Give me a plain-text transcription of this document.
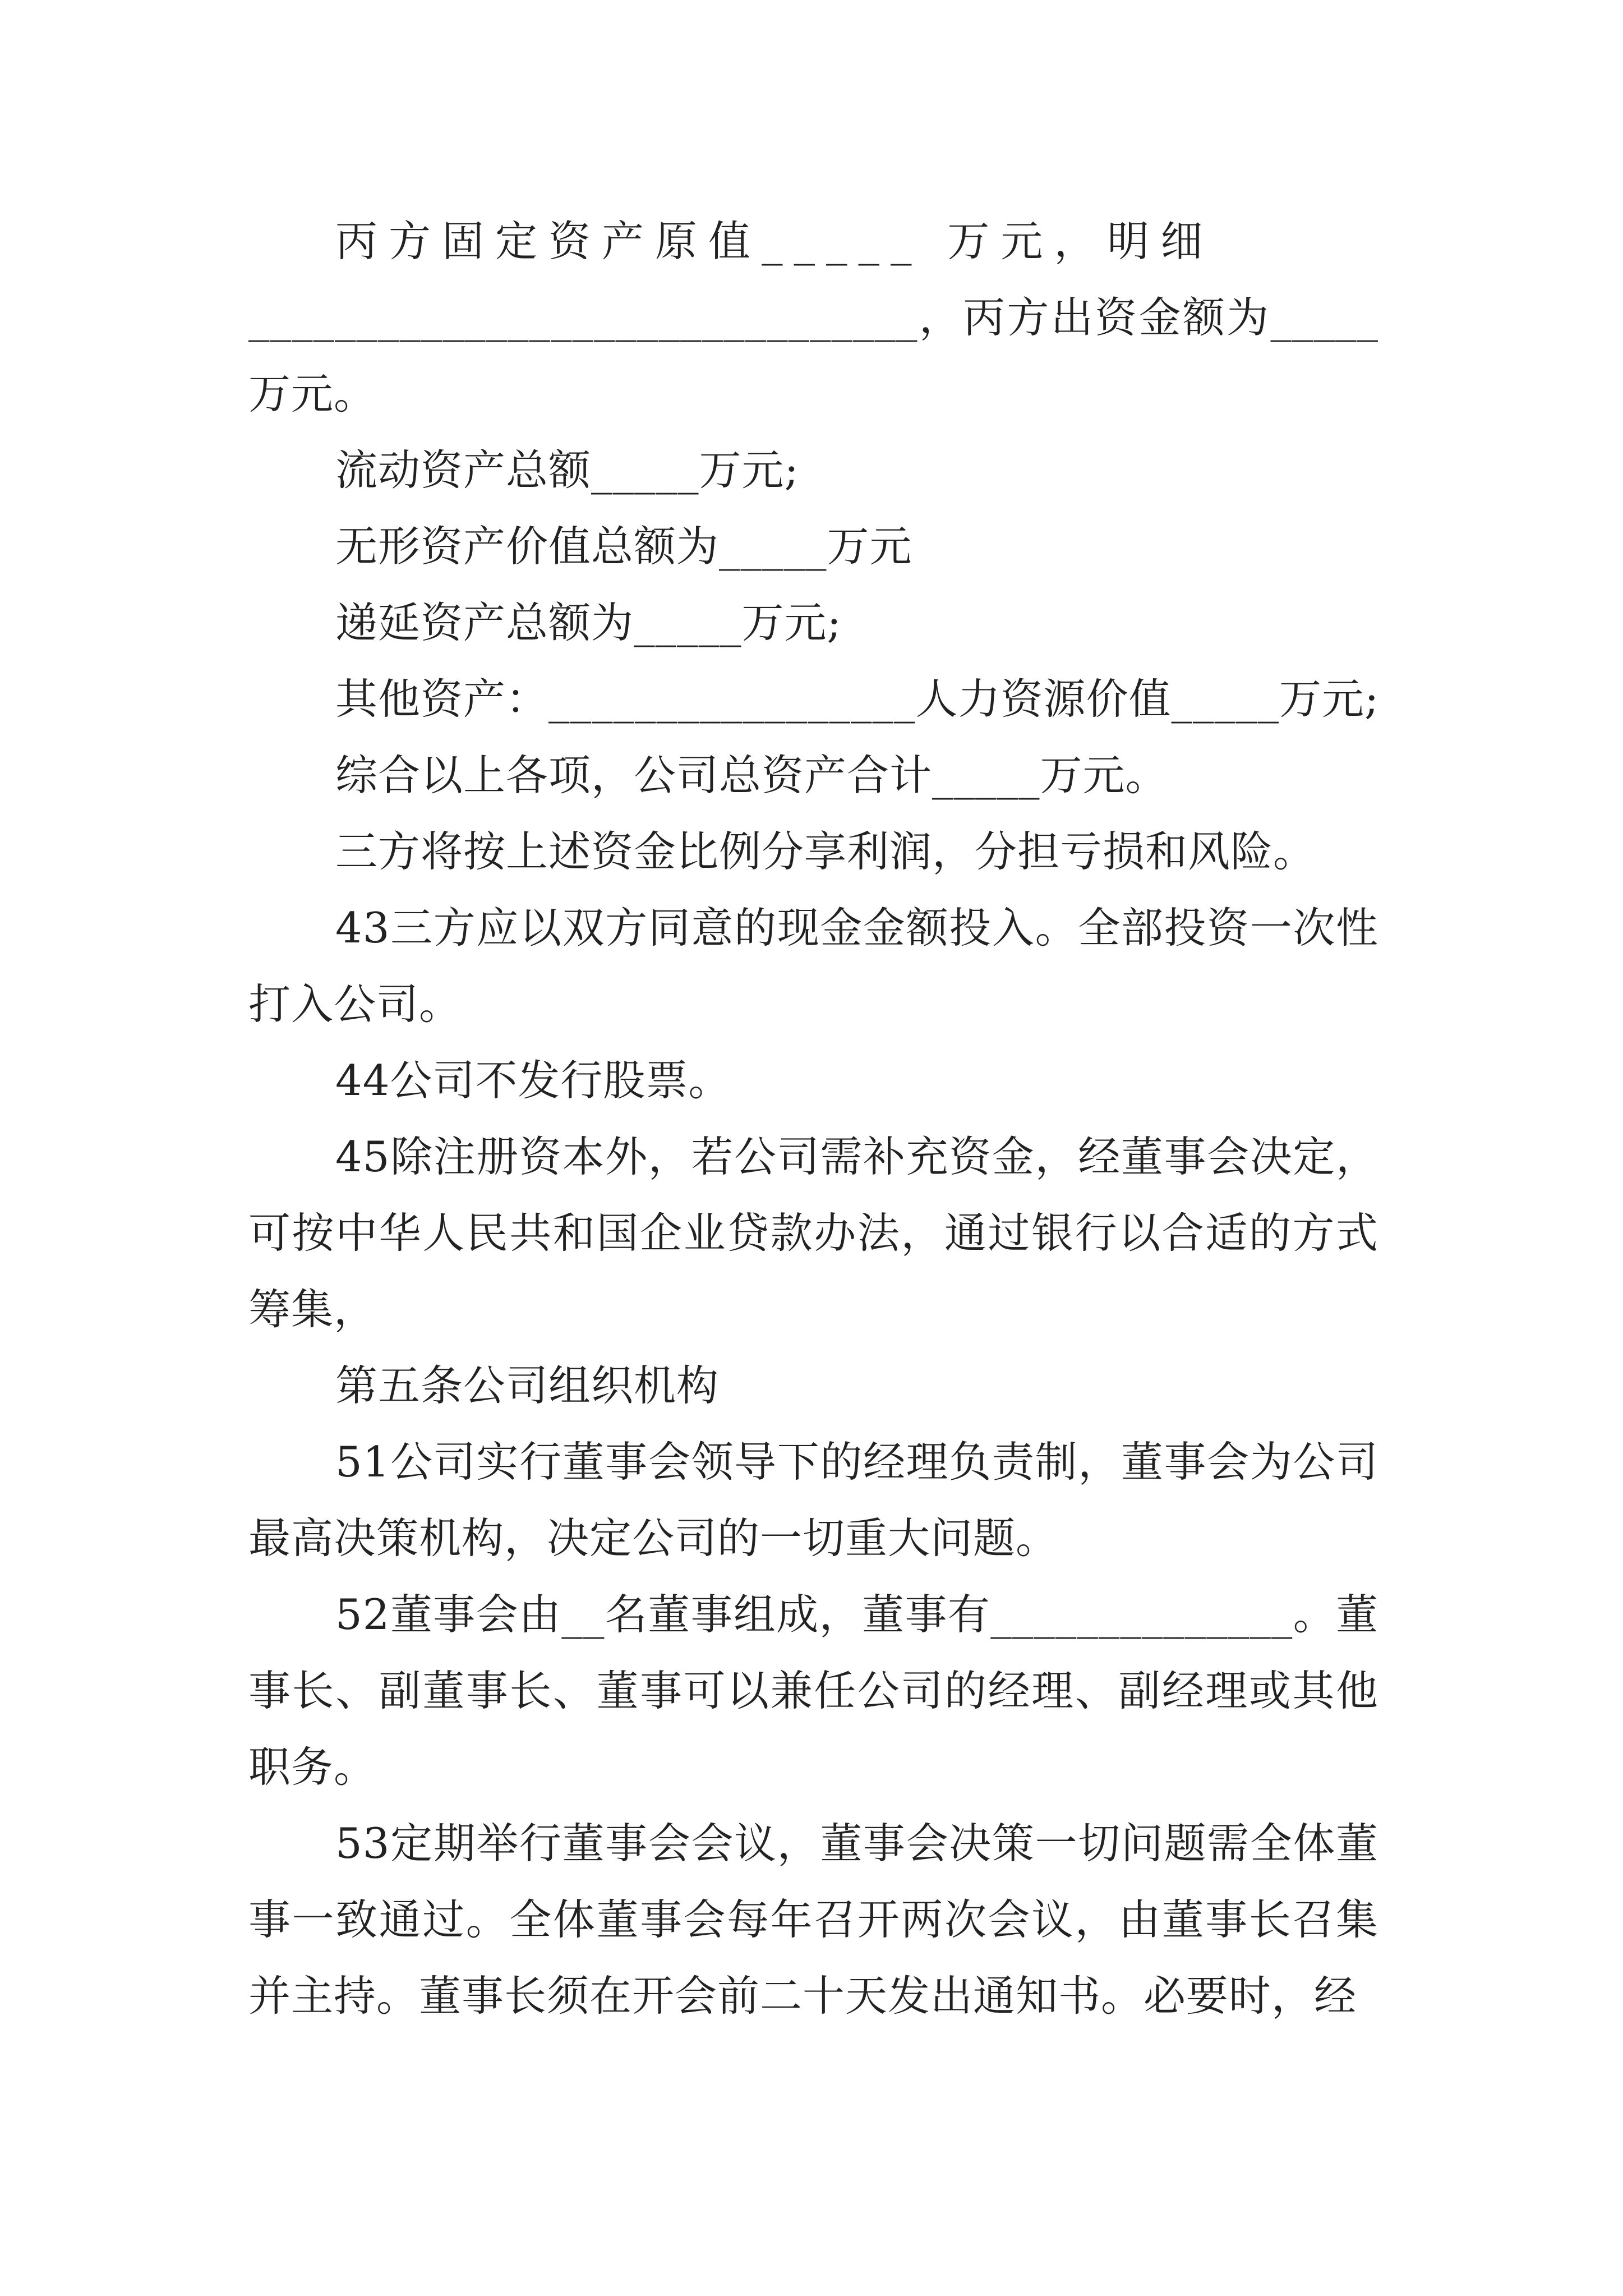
丙方固定资产原值_____ 万元，明细

_______________________________，丙方出资金额为_____万元。

流动资产总额_____万元;

无形资产价值总额为_____万元

递延资产总额为_____万元;

其他资产：_________________人力资源价值_____万元;

综合以上各项，公司总资产合计_____万元。

三方将按上述资金比例分享利润，分担亏损和风险。

43三方应以双方同意的现金金额投入。全部投资一次性打入公司。

44公司不发行股票。

45除注册资本外，若公司需补充资金，经董事会决定，可按中华人民共和国企业贷款办法，通过银行以合适的方式筹集，

第五条公司组织机构

51公司实行董事会领导下的经理负责制，董事会为公司最高决策机构，决定公司的一切重大问题。

52董事会由__名董事组成，董事有______________。董事长、副董事长、董事可以兼任公司的经理、副经理或其他职务。

53定期举行董事会会议，董事会决策一切问题需全体董事一致通过。全体董事会每年召开两次会议，由董事长召集并主持。董事长须在开会前二十天发出通知书。必要时，经
